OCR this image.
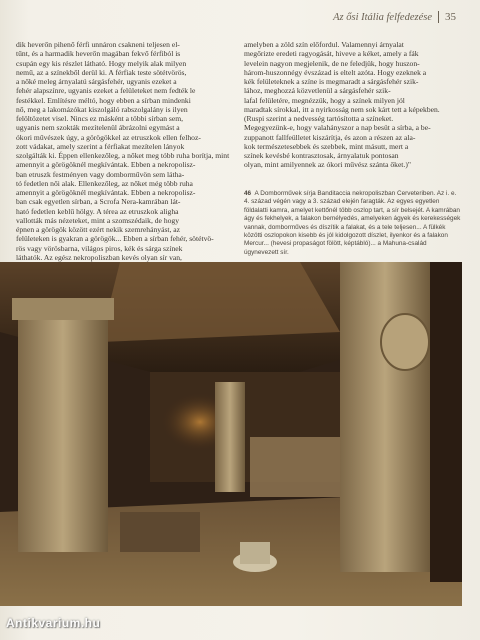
Az ősi Itália felfedezése 35

dik heverőn pihenő férfi unnáron csakneni teljesen el-

tűnt, és a harmadik heverőn magában fekvő férfiból is

csupán egy kis részlet látható. Hogy melyik alak milyen

nemű, az a színekből derül ki. A férfiak teste sötétvörös,

a nőké meleg árnyalatú sárgásfehér, ugyanis ezeket a

fehér alapszínre, ugyanis ezeket a felületeket nem fedték le

festékkel. Említésre méltó, hogy ebben a sírban mindenki

nő, meg a lakomázókat kiszolgáló rabszolgalány is ilyen

felöltözetet visel. Nincs ez másként a többi sírban sem,

ugyanis nem szokták mezítelenül ábrázolni egymást a

ókori művészek úgy, a görögökkel az etruszkok ellen felhoz-

zott vádakat, amely szerint a férfiakat mezítelen lányok

szolgálták ki. Éppen ellenkezőleg, a nőket meg tóbb ruha borítja, mint

amennyit a görögöknél megkívántak. Ebben a nekropolisz-

ban etruszk festményen vagy domborművön sem látha-

tó fedetlen női alak. Ellenkezőleg, az nőket még több ruha

amennyit a görögöknél megkívántak. Ebben a nekropolisz-

ban csak egyetlen sírban, a Scrofa Nera-kamrában lát-

ható fedetlen keblű hölgy. A térea az etruszkok aligha

vallották más nézeteket, mint a szomszédaik, de hogy

épnen a görögök között ezért nekik szemrehányást, az

felületeken is gyakran a görögök... Ebben a sírban fehér, sötétvö-

rös vagy vörösbarna, világos piros, kék és sárga színek

láthatók. Az egész nekropoliszban kevés olyan sír van,

amelyben a zöld szín előfordul. Valamennyi árnyalat

megőrizte eredeti ragyogását, hiveve a kéket, amely a fák

levelein nagyon megjelenik, de ne feledjük, hogy huszon-

három-huszonnégy évszázad is eltelt azóta. Hogy ezeknek a

kék felületeknek a színe is megmaradt a sárgásfehér szik-

lához, meghozzá közvetlenül a sárgásfehér szik-

lafal felületére, megnézzük, hogy a színek milyen jól

maradtak sírokkal, itt a nyirkosság nem sok kárt tett a képekben.

(Ruspi szerint a nedvesség tartósította a színeket.

Megegyezünk-e, hogy valahányszor a nap besüt a sírba, a be-

zuppanott fallfeülletet kiszárítja, és azon a részen az ala-

kok természetesebbek és szebbek, mint másutt, mert a

színek kevésbé kontrasztosak, árnyalatuk pontosan

olyan, mint amilyennek az ókori művész szánta őket.)"

46 A Domborművek sírja Banditaccia nekropoliszban Cerveteriben. Az i. e. 4. század végén vagy a 3. század elején faragták. Az egyes egyetlen földalatti kamra, amelyet kettőnél több oszlop tart, a sír belsejét. A kamrában ágy és fekhelyek, a falakon bemélyedés, amelyeken ágyek és kerekességek vannak, domborműves és díszítik a falakat, és a tele teljesen... A fülkék közötti oszlopokon kisebb és jól kidolgozott díszlet, ilyenkor és a falakon Mercur... (hevesi propaságot fölött, képtábló)... a Mahuna-család úgynevezett sír.
Antikvarium.hu
